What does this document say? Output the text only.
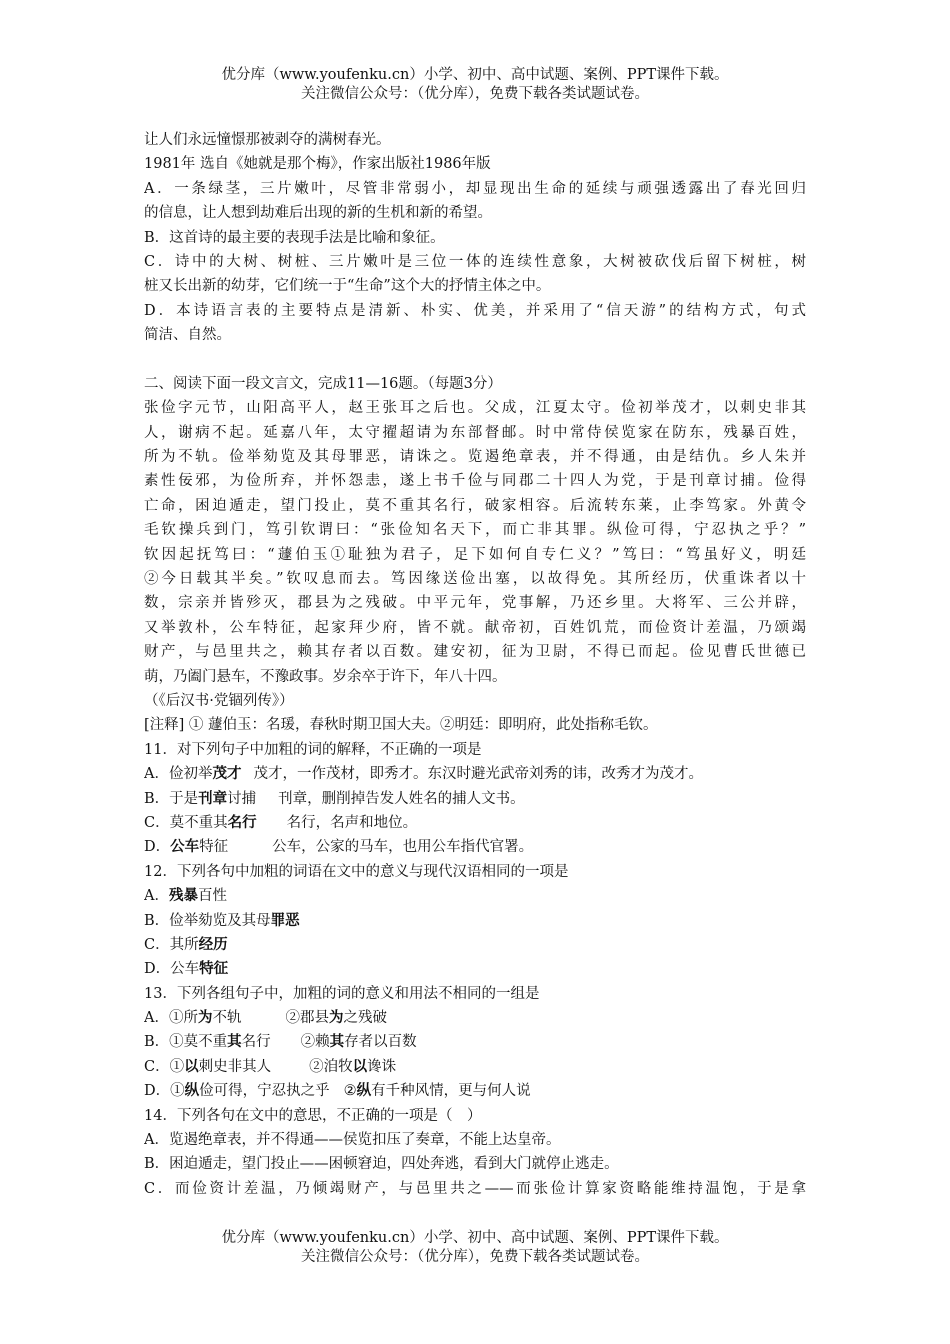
优分库（www.youfenku.cn）小学、初中、高中试题、案例、PPT课件下载。
关注微信公众号：（优分库），免费下载各类试题试卷。
让人们永远憧憬那被剥夺的满树春光。
1981年 选自《她就是那个梅》，作家出版社1986年版
A．一条绿茎，三片嫩叶，尽管非常弱小，却显现出生命的延续与顽强透露出了春光回归
的信息，让人想到劫难后出现的新的生机和新的希望。
B．这首诗的最主要的表现手法是比喻和象征。
C．诗中的大树、树桩、三片嫩叶是三位一体的连续性意象，大树被砍伐后留下树桩，树
桩又长出新的幼芽，它们统一于“生命”这个大的抒情主体之中。
D．本诗语言表的主要特点是清新、朴实、优美，并采用了“信天游”的结构方式，句式
简洁、自然。
二、阅读下面一段文言文，完成11—16题。（每题3分）
张俭字元节，山阳高平人，赵王张耳之后也。父成，江夏太守。俭初举茂才，以刺史非其
人，谢病不起。延嘉八年，太守擢超请为东部督邮。时中常侍侯览家在防东，残暴百姓，
所为不轨。俭举劾览及其母罪恶，请诛之。览遏绝章表，并不得通，由是结仇。乡人朱并
素性佞邪，为俭所弃，并怀怨恚，遂上书千俭与同郡二十四人为党，于是刊章讨捕。俭得
亡命，困迫遁走，望门投止，莫不重其名行，破家相容。后流转东莱，止李笃家。外黄令
毛钦操兵到门，笃引钦谓曰：“张俭知名天下，而亡非其罪。纵俭可得，宁忍执之乎？”
钦因起抚笃曰：“蘧伯玉①耻独为君子，足下如何自专仁义？”笃曰：“笃虽好义，明廷
②今日载其半矣。”钦叹息而去。笃因缘送俭出塞，以故得免。其所经历，伏重诛者以十
数，宗亲并皆殄灭，郡县为之残破。中平元年，党事解，乃还乡里。大将军、三公并辟，
又举敦朴，公车特征，起家拜少府，皆不就。献帝初，百姓饥荒，而俭资计差温，乃颂竭
财产，与邑里共之，赖其存者以百数。建安初，征为卫尉，不得已而起。俭见曹氏世德已
萌，乃阖门悬车，不豫政事。岁余卒于许下，年八十四。
（《后汉书·党锢列传》）
[注释] ① 蘧伯玉：名瑗，春秋时期卫国大夫。②明廷：即明府，此处指称毛钦。
11．对下列句子中加粗的词的解释，不正确的一项是
A．俭初举茂才 茂才，一作茂材，即秀才。东汉时避光武帝刘秀的讳，改秀才为茂才。
B．于是刊章讨捕 刊章，删削掉告发人姓名的捕人文书。
C．莫不重其名行 名行，名声和地位。
D．公车特征	公车，公家的马车，也用公车指代官署。
12．下列各句中加粗的词语在文中的意义与现代汉语相同的一项是
A．残暴百性
B．俭举劾览及其母罪恶
C．其所经历
D．公车特征
13．下列各组句子中，加粗的词的意义和用法不相同的一组是
A．①所为不轨	②郡县为之残破
B．①莫不重其名行 ②赖其存者以百数
C．①以刺史非其人	②洎牧以谗诛
D．①纵俭可得，宁忍执之乎 ②纵有千种风情，更与何人说
14．下列各句在文中的意思，不正确的一项是（　）
A．览遏绝章表，并不得通——侯览扣压了奏章，不能上达皇帝。
B．困迫遁走，望门投止——困顿窘迫，四处奔逃，看到大门就停止逃走。
C．而俭资计差温，乃倾竭财产，与邑里共之——而张俭计算家资略能维持温饱，于是拿
优分库（www.youfenku.cn）小学、初中、高中试题、案例、PPT课件下载。
关注微信公众号：（优分库），免费下载各类试题试卷。
